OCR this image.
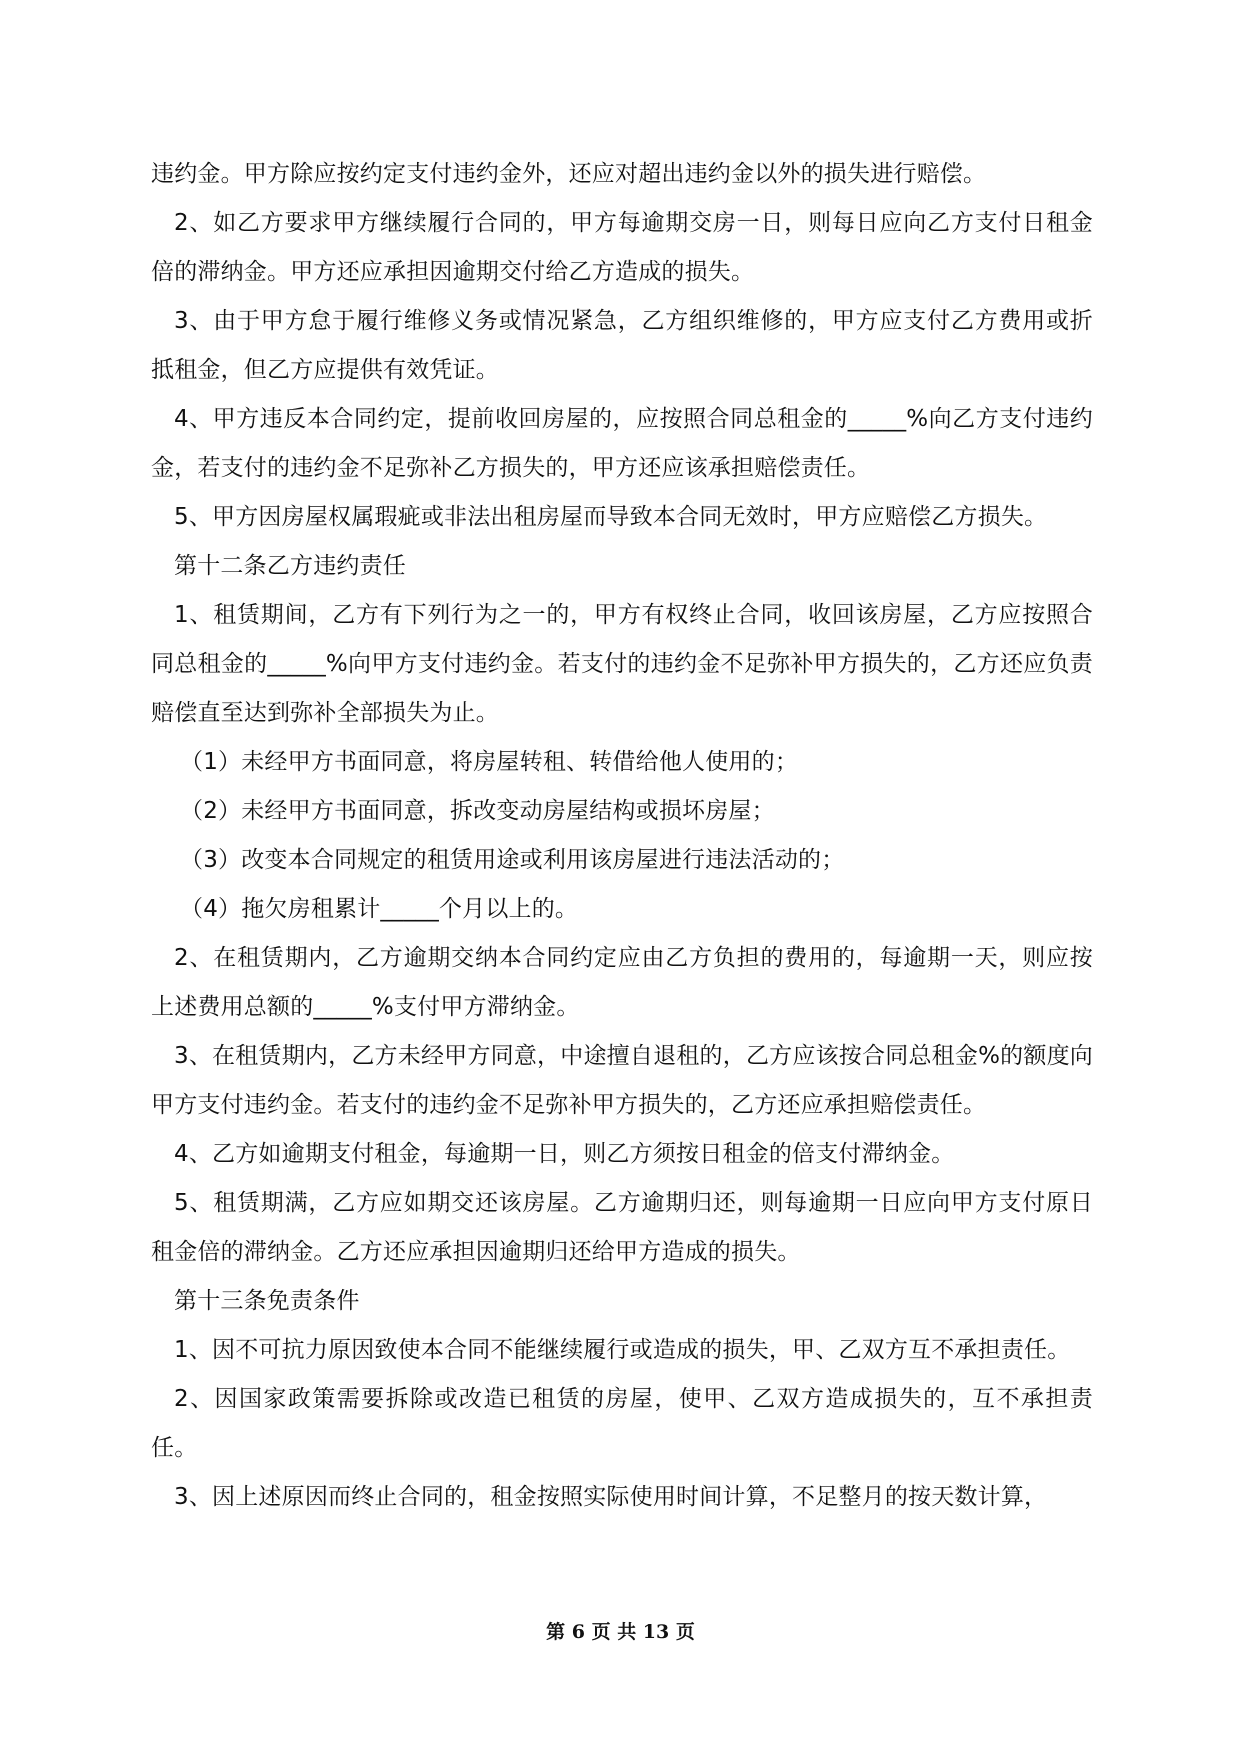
违约金。甲方除应按约定支付违约金外，还应对超出违约金以外的损失进行赔偿。

2、如乙方要求甲方继续履行合同的，甲方每逾期交房一日，则每日应向乙方支付日租金倍的滞纳金。甲方还应承担因逾期交付给乙方造成的损失。

3、由于甲方怠于履行维修义务或情况紧急，乙方组织维修的，甲方应支付乙方费用或折抵租金，但乙方应提供有效凭证。

4、甲方违反本合同约定，提前收回房屋的，应按照合同总租金的_____%向乙方支付违约金，若支付的违约金不足弥补乙方损失的，甲方还应该承担赔偿责任。

5、甲方因房屋权属瑕疵或非法出租房屋而导致本合同无效时，甲方应赔偿乙方损失。

第十二条乙方违约责任

1、租赁期间，乙方有下列行为之一的，甲方有权终止合同，收回该房屋，乙方应按照合同总租金的_____%向甲方支付违约金。若支付的违约金不足弥补甲方损失的，乙方还应负责赔偿直至达到弥补全部损失为止。

（1）未经甲方书面同意，将房屋转租、转借给他人使用的；

（2）未经甲方书面同意，拆改变动房屋结构或损坏房屋；

（3）改变本合同规定的租赁用途或利用该房屋进行违法活动的；

（4）拖欠房租累计_____个月以上的。

2、在租赁期内，乙方逾期交纳本合同约定应由乙方负担的费用的，每逾期一天，则应按上述费用总额的_____%支付甲方滞纳金。

3、在租赁期内，乙方未经甲方同意，中途擅自退租的，乙方应该按合同总租金%的额度向甲方支付违约金。若支付的违约金不足弥补甲方损失的，乙方还应承担赔偿责任。

4、乙方如逾期支付租金，每逾期一日，则乙方须按日租金的倍支付滞纳金。

5、租赁期满，乙方应如期交还该房屋。乙方逾期归还，则每逾期一日应向甲方支付原日租金倍的滞纳金。乙方还应承担因逾期归还给甲方造成的损失。

第十三条免责条件

1、因不可抗力原因致使本合同不能继续履行或造成的损失，甲、乙双方互不承担责任。

2、因国家政策需要拆除或改造已租赁的房屋，使甲、乙双方造成损失的，互不承担责任。

3、因上述原因而终止合同的，租金按照实际使用时间计算，不足整月的按天数计算，

第 6 页 共 13 页
